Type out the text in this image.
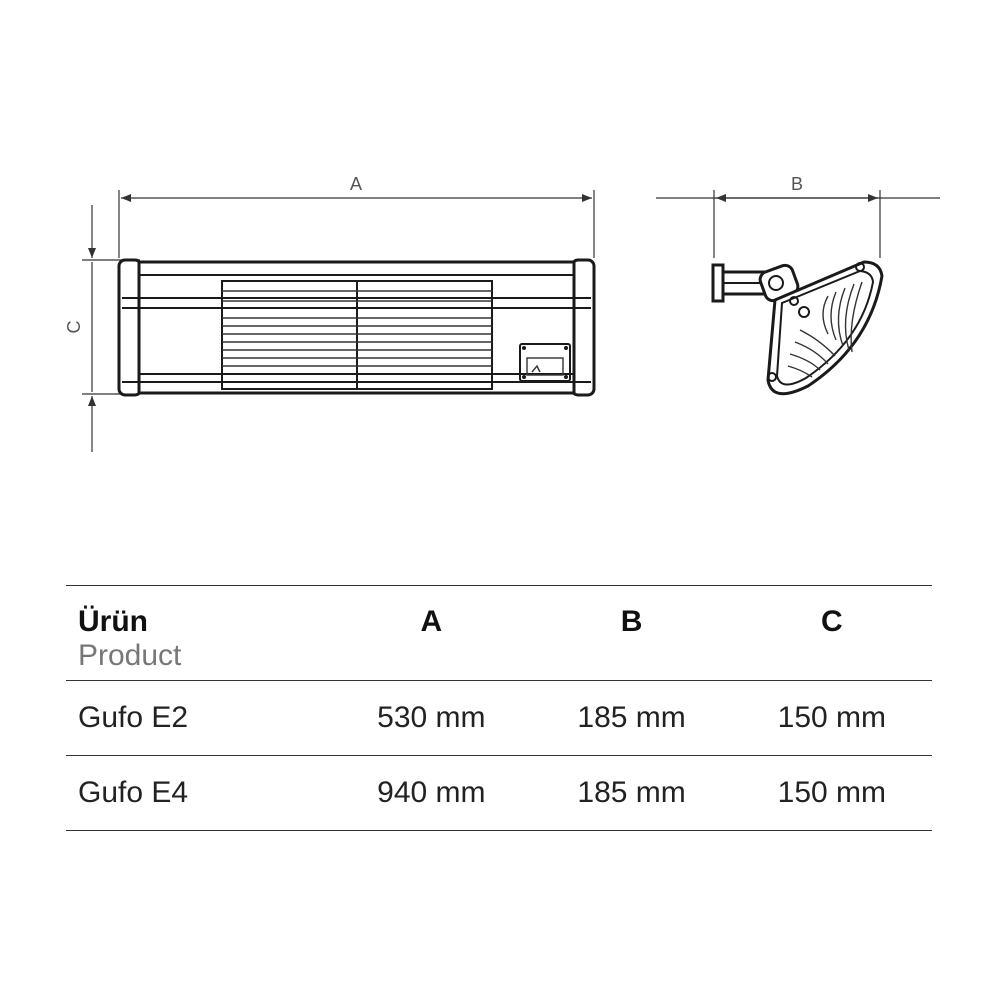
A	B
C
Ürün
Product	A	B	C

Gufo E2	530 mm	185 mm	150 mm
Gufo E4	940 mm	185 mm	150 mm
